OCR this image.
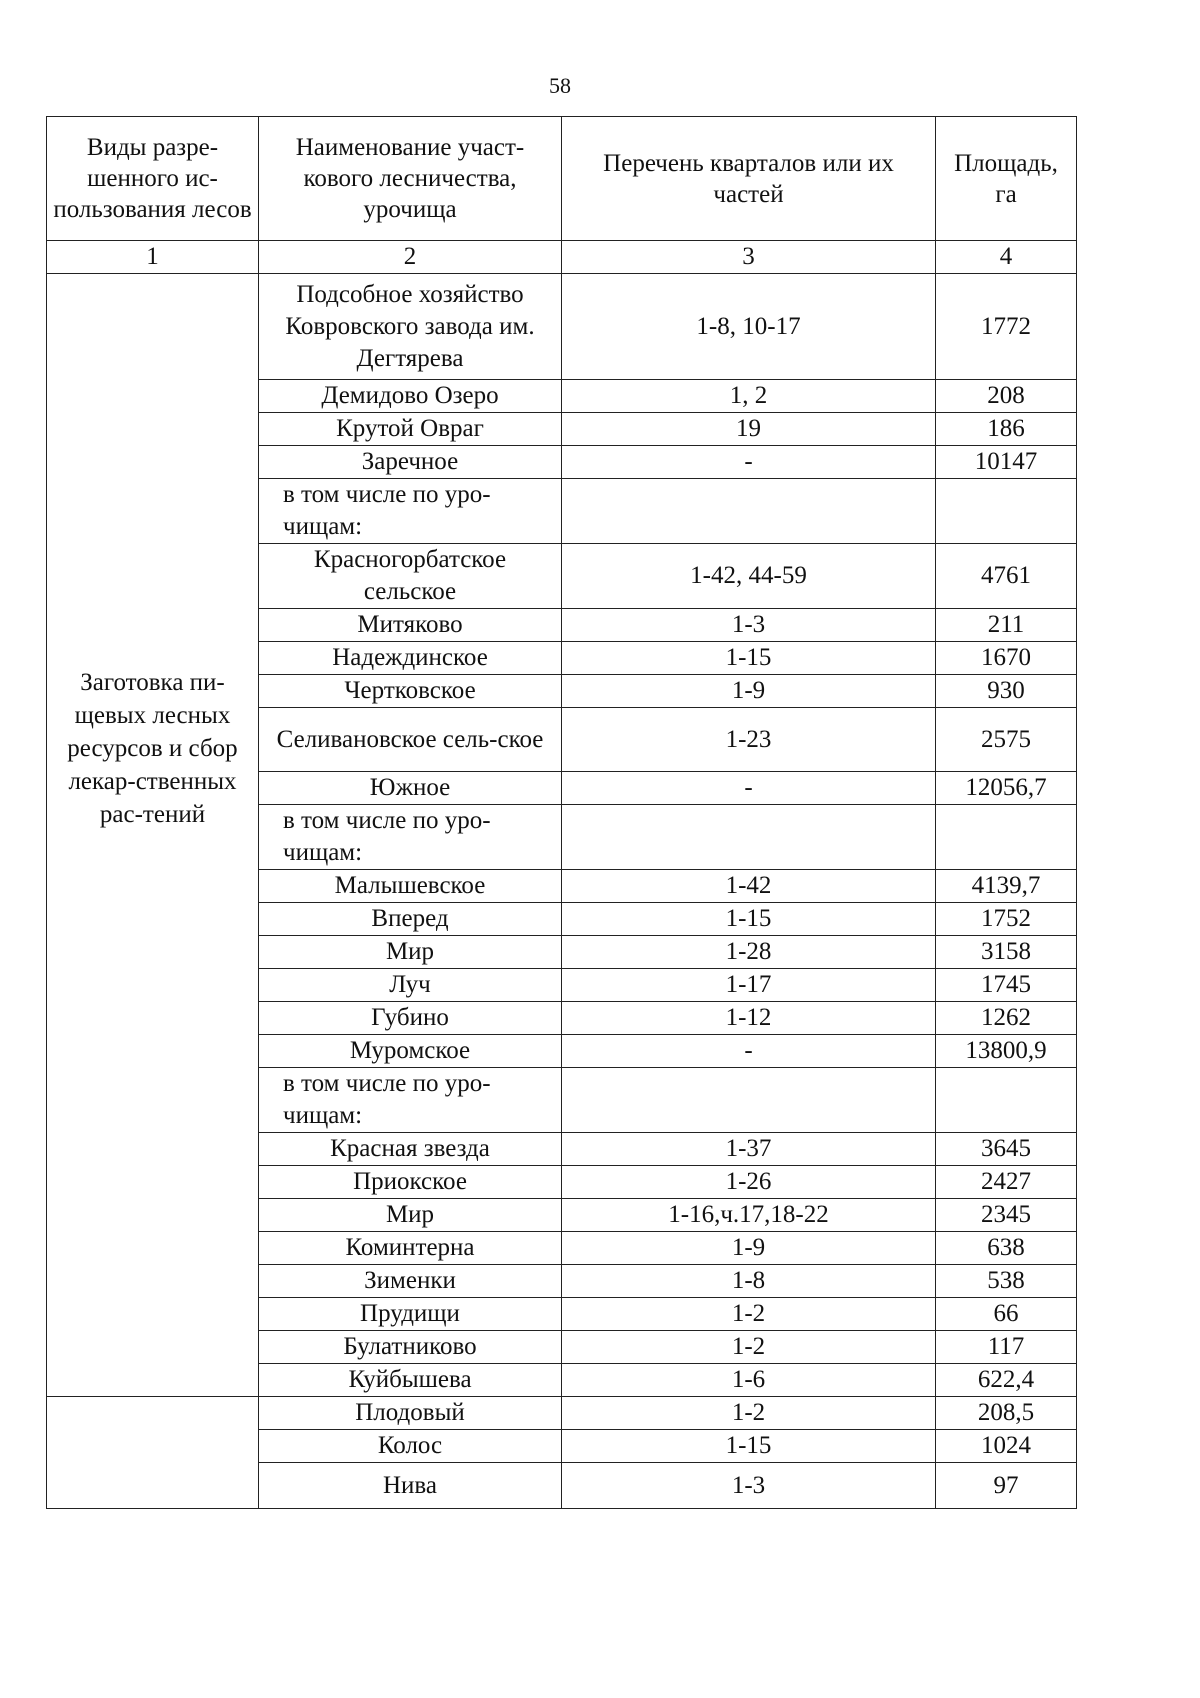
58
Виды разре-шенного ис-пользования лесов	Наименование участ-кового лесничества, урочища	Перечень кварталов или их частей	Площадь, га
1	2	3	4
Заготовка пи-щевых лесных ресурсов и сбор лекар-ственных рас-тений	Подсобное хозяйство Ковровского завода им. Дегтярева	1-8, 10-17	1772
	Демидово Озеро	1, 2	208
	Крутой Овраг	19	186
	Заречное	-	10147
	в том числе по уро-чищам:		
	Красногорбатское сельское	1-42, 44-59	4761
	Митяково	1-3	211
	Надеждинское	1-15	1670
	Чертковское	1-9	930
	Селивановское сель-ское	1-23	2575
	Южное	-	12056,7
	в том числе по уро-чищам:		
	Малышевское	1-42	4139,7
	Вперед	1-15	1752
	Мир	1-28	3158
	Луч	1-17	1745
	Губино	1-12	1262
	Муромское	-	13800,9
	в том числе по уро-чищам:		
	Красная звезда	1-37	3645
	Приокское	1-26	2427
	Мир	1-16,ч.17,18-22	2345
	Коминтерна	1-9	638
	Зименки	1-8	538
	Прудищи	1-2	66
	Булатниково	1-2	117
	Куйбышева	1-6	622,4
	Плодовый	1-2	208,5
	Колос	1-15	1024
	Нива	1-3	97
